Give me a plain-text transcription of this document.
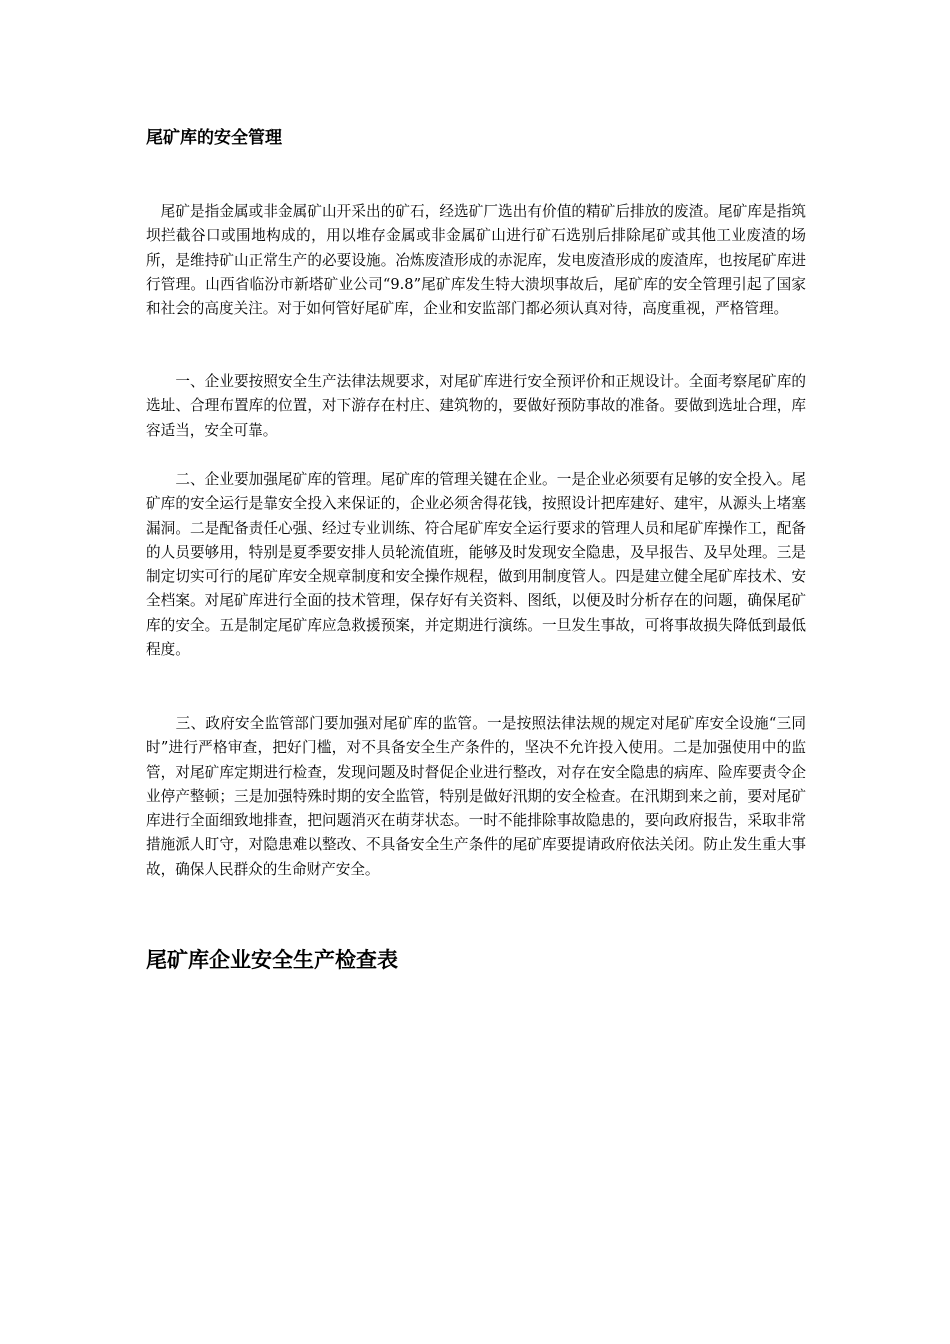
尾矿库的安全管理

　尾矿是指金属或非金属矿山开采出的矿石，经选矿厂选出有价值的精矿后排放的废渣。尾矿库是指筑坝拦截谷口或围地构成的，用以堆存金属或非金属矿山进行矿石选别后排除尾矿或其他工业废渣的场所，是维持矿山正常生产的必要设施。冶炼废渣形成的赤泥库，发电废渣形成的废渣库，也按尾矿库进行管理。山西省临汾市新塔矿业公司“9.8”尾矿库发生特大溃坝事故后，尾矿库的安全管理引起了国家和社会的高度关注。对于如何管好尾矿库，企业和安监部门都必须认真对待，高度重视，严格管理。

　　一、企业要按照安全生产法律法规要求，对尾矿库进行安全预评价和正规设计。全面考察尾矿库的选址、合理布置库的位置，对下游存在村庄、建筑物的，要做好预防事故的准备。要做到选址合理，库容适当，安全可靠。

　　二、企业要加强尾矿库的管理。尾矿库的管理关键在企业。一是企业必须要有足够的安全投入。尾矿库的安全运行是靠安全投入来保证的，企业必须舍得花钱，按照设计把库建好、建牢，从源头上堵塞漏洞。二是配备责任心强、经过专业训练、符合尾矿库安全运行要求的管理人员和尾矿库操作工，配备的人员要够用，特别是夏季要安排人员轮流值班，能够及时发现安全隐患，及早报告、及早处理。三是制定切实可行的尾矿库安全规章制度和安全操作规程，做到用制度管人。四是建立健全尾矿库技术、安全档案。对尾矿库进行全面的技术管理，保存好有关资料、图纸，以便及时分析存在的问题，确保尾矿库的安全。五是制定尾矿库应急救援预案，并定期进行演练。一旦发生事故，可将事故损失降低到最低程度。

　　三、政府安全监管部门要加强对尾矿库的监管。一是按照法律法规的规定对尾矿库安全设施“三同时”进行严格审查，把好门槛，对不具备安全生产条件的，坚决不允许投入使用。二是加强使用中的监管，对尾矿库定期进行检查，发现问题及时督促企业进行整改，对存在安全隐患的病库、险库要责令企业停产整顿；三是加强特殊时期的安全监管，特别是做好汛期的安全检查。在汛期到来之前，要对尾矿库进行全面细致地排查，把问题消灭在萌芽状态。一时不能排除事故隐患的，要向政府报告，采取非常措施派人盯守，对隐患难以整改、不具备安全生产条件的尾矿库要提请政府依法关闭。防止发生重大事故，确保人民群众的生命财产安全。

尾矿库企业安全生产检查表
